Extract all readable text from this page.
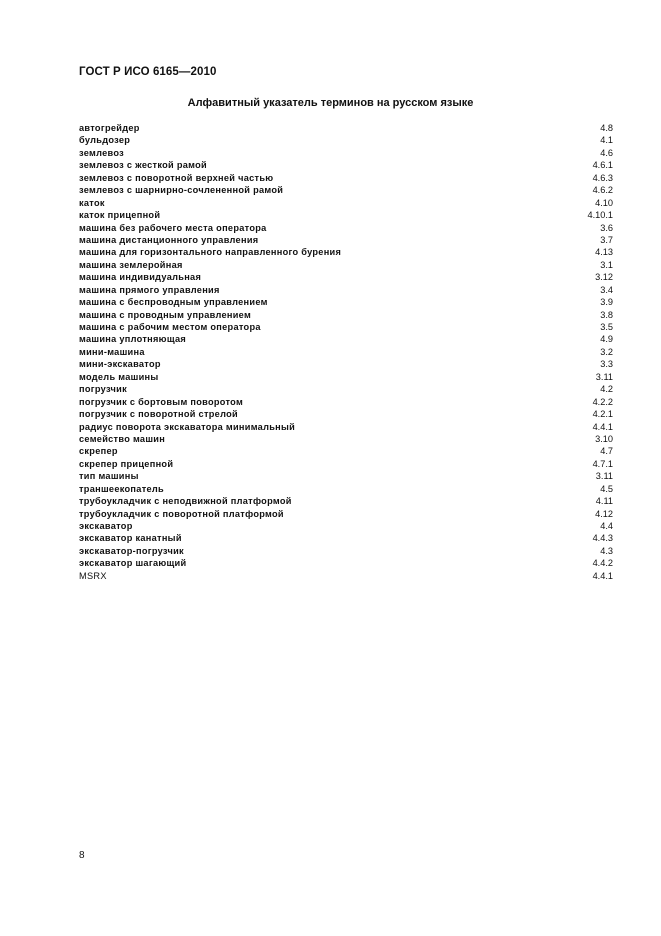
ГОСТ Р ИСО 6165—2010
Алфавитный указатель терминов на русском языке
автогрейдер	4.8
бульдозер	4.1
землевоз	4.6
землевоз с жесткой рамой	4.6.1
землевоз с поворотной верхней частью	4.6.3
землевоз с шарнирно-сочлененной рамой	4.6.2
каток	4.10
каток прицепной	4.10.1
машина без рабочего места оператора	3.6
машина дистанционного управления	3.7
машина для горизонтального направленного бурения	4.13
машина землеройная	3.1
машина индивидуальная	3.12
машина прямого управления	3.4
машина с беспроводным управлением	3.9
машина с проводным управлением	3.8
машина с рабочим местом оператора	3.5
машина уплотняющая	4.9
мини-машина	3.2
мини-экскаватор	3.3
модель машины	3.11
погрузчик	4.2
погрузчик с бортовым поворотом	4.2.2
погрузчик с поворотной стрелой	4.2.1
радиус поворота экскаватора минимальный	4.4.1
семейство машин	3.10
скрепер	4.7
скрепер прицепной	4.7.1
тип машины	3.11
траншеекопатель	4.5
трубоукладчик с неподвижной платформой	4.11
трубоукладчик с поворотной платформой	4.12
экскаватор	4.4
экскаватор канатный	4.4.3
экскаватор-погрузчик	4.3
экскаватор шагающий	4.4.2
MSRX	4.4.1
8
